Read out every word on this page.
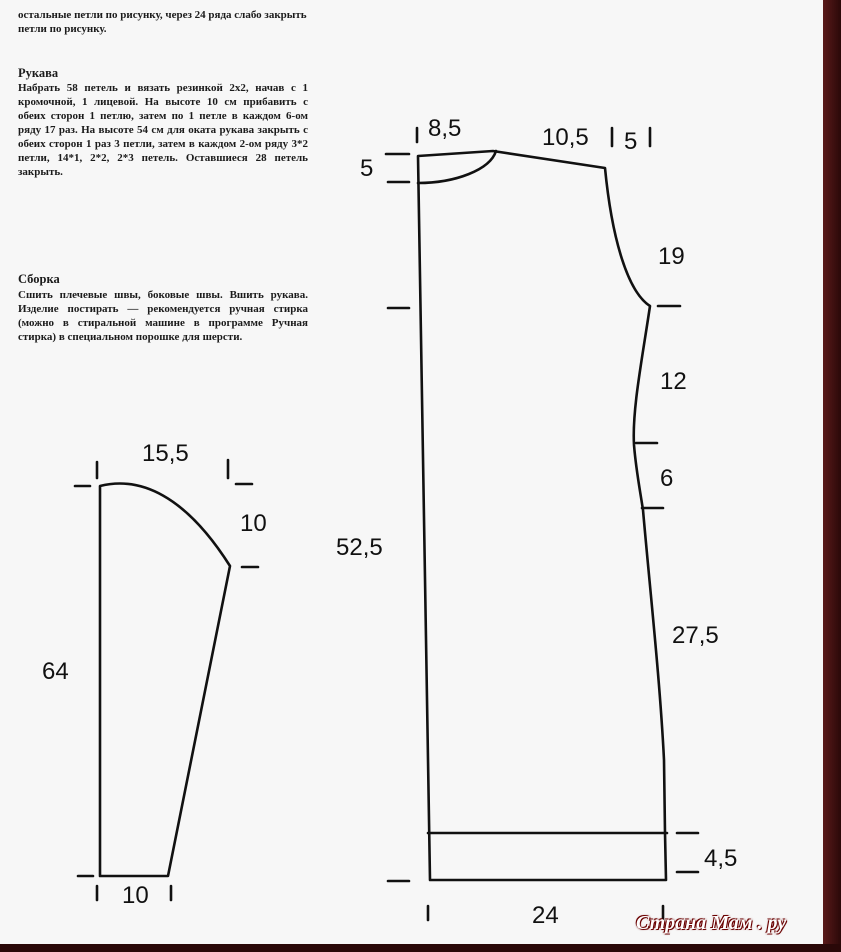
остальные петли по рисунку, через 24 ряда слабо закрыть петли по рисунку.
Рукава
Набрать 58 петель и вязать резинкой 2х2, начав с 1 кромочной, 1 лицевой. На высоте 10 см прибавить с обеих сторон 1 петлю, затем по 1 петле в каждом 6-ом ряду 17 раз. На высоте 54 см для оката рукава закрыть с обеих сторон 1 раз 3 петли, затем в каждом 2-ом ряду 3*2 петли, 14*1, 2*2, 2*3 петель. Оставшиеся 28 петель закрыть.
Сборка
Сшить плечевые швы, боковые швы. Вшить рукава. Изделие постирать — рекомендуется ручная стирка (можно в стиральной машине в программе Ручная стирка) в специальном порошке для шерсти.
15,5
10
64
10
8,5	10,5 5
5
19
12
6
52,5
27,5
4,5
24	Страна Мам . ру
